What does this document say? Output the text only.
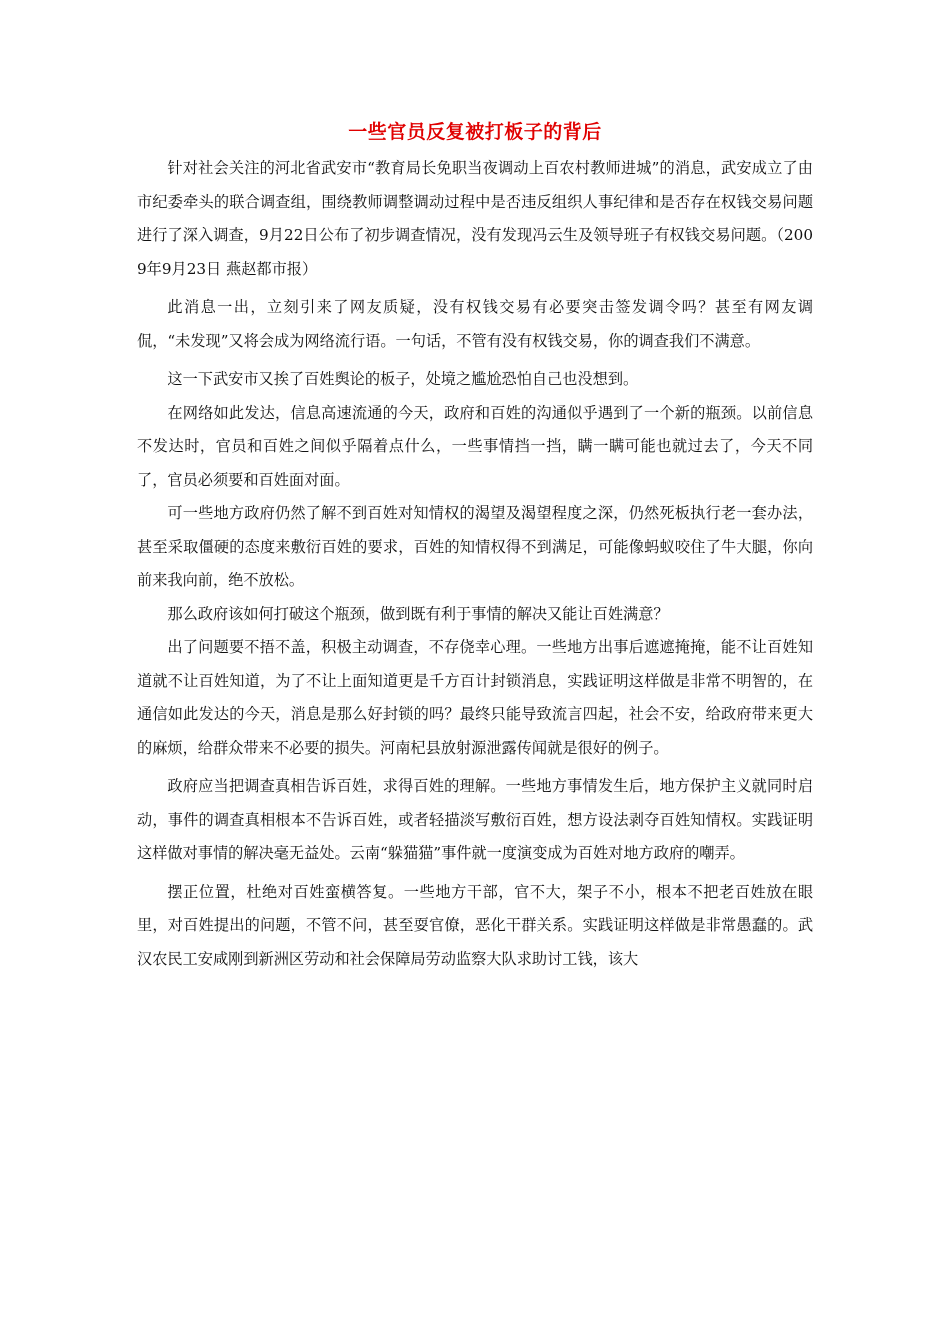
一些官员反复被打板子的背后

针对社会关注的河北省武安市“教育局长免职当夜调动上百农村教师进城”的消息，武安成立了由市纪委牵头的联合调查组，围绕教师调整调动过程中是否违反组织人事纪律和是否存在权钱交易问题进行了深入调查，9月22日公布了初步调查情况，没有发现冯云生及领导班子有权钱交易问题。（2009年9月23日 燕赵都市报）

此消息一出，立刻引来了网友质疑，没有权钱交易有必要突击签发调令吗？甚至有网友调侃，“未发现”又将会成为网络流行语。一句话，不管有没有权钱交易，你的调查我们不满意。

这一下武安市又挨了百姓舆论的板子，处境之尴尬恐怕自己也没想到。

在网络如此发达，信息高速流通的今天，政府和百姓的沟通似乎遇到了一个新的瓶颈。以前信息不发达时，官员和百姓之间似乎隔着点什么，一些事情挡一挡，瞒一瞒可能也就过去了，今天不同了，官员必须要和百姓面对面。

可一些地方政府仍然了解不到百姓对知情权的渴望及渴望程度之深，仍然死板执行老一套办法，甚至采取僵硬的态度来敷衍百姓的要求，百姓的知情权得不到满足，可能像蚂蚁咬住了牛大腿，你向前来我向前，绝不放松。

那么政府该如何打破这个瓶颈，做到既有利于事情的解决又能让百姓满意？

出了问题要不捂不盖，积极主动调查，不存侥幸心理。一些地方出事后遮遮掩掩，能不让百姓知道就不让百姓知道，为了不让上面知道更是千方百计封锁消息，实践证明这样做是非常不明智的，在通信如此发达的今天，消息是那么好封锁的吗？最终只能导致流言四起，社会不安，给政府带来更大的麻烦，给群众带来不必要的损失。河南杞县放射源泄露传闻就是很好的例子。

政府应当把调查真相告诉百姓，求得百姓的理解。一些地方事情发生后，地方保护主义就同时启动，事件的调查真相根本不告诉百姓，或者轻描淡写敷衍百姓，想方设法剥夺百姓知情权。实践证明这样做对事情的解决毫无益处。云南“躲猫猫”事件就一度演变成为百姓对地方政府的嘲弄。

摆正位置，杜绝对百姓蛮横答复。一些地方干部，官不大，架子不小，根本不把老百姓放在眼里，对百姓提出的问题，不管不问，甚至耍官僚，恶化干群关系。实践证明这样做是非常愚蠢的。武汉农民工安咸刚到新洲区劳动和社会保障局劳动监察大队求助讨工钱，该大
